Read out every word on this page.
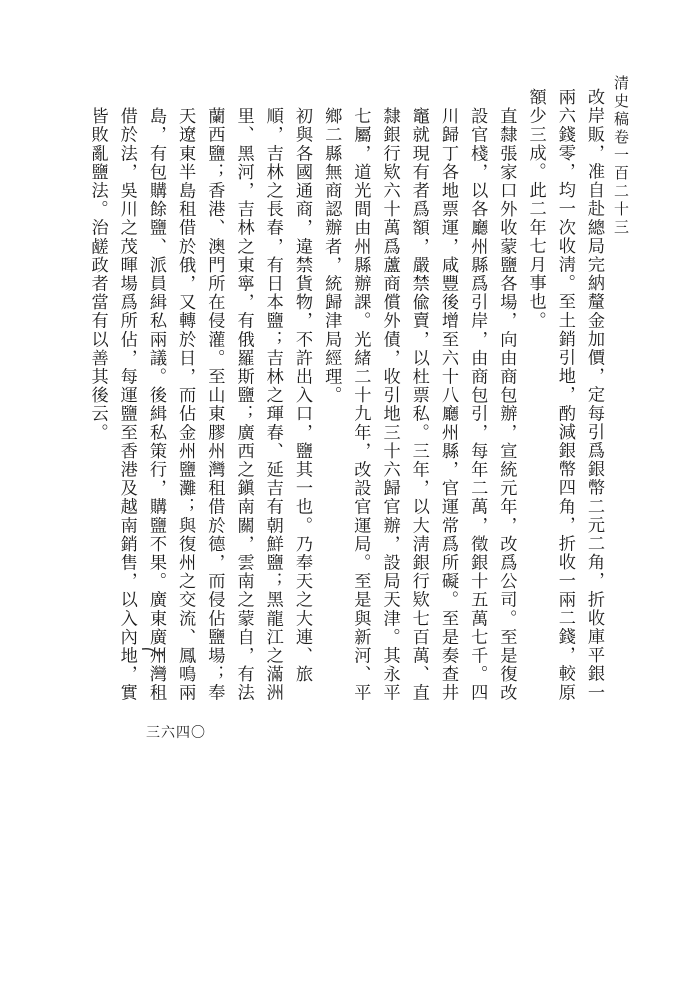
清史稿卷一百二十三

改岸販，准自赴總局完納釐金加價，定每引爲銀幣二元二角，折收庫平銀一兩六錢零，均一次收淸。至土銷引地，酌減銀幣四角，折收一兩二錢，較原額少三成。此二年七月事也。

直隸張家口外收蒙鹽各場，向由商包辦，宣統元年，改爲公司。至是復改設官棧，以各廳州縣爲引岸，由商包引，每年二萬，徵銀十五萬七千。四川歸丁各地票運，咸豐後增至六十八廳州縣，官運常爲所礙。至是奏查井竈就現有者爲額，嚴禁偸賣，以杜票私。三年，以大淸銀行欵七百萬、直隸銀行欵六十萬爲蘆商償外債，收引地三十六歸官辦，設局天津。其永平七屬，道光間由州縣辦課。光緒二十九年，改設官運局。至是與新河、平鄉二縣無商認辦者，統歸津局經理。

初與各國通商，違禁貨物，不許出入口，鹽其一也。乃奉天之大連、旅順，吉林之長春，有日本鹽；吉林之琿春、延吉有朝鮮鹽；黑龍江之滿洲里、黑河，吉林之東寧，有俄羅斯鹽；廣西之鎭南關，雲南之蒙自，有法蘭西鹽；香港、澳門所在侵灌。至山東膠州灣租借於德，而侵佔鹽場；奉天遼東半島租借於俄，又轉於日，而佔金州鹽灘；與復州之交流、鳳鳴兩島，有包購餘鹽、派員緝私兩議。後緝私策行，購鹽不果。廣東廣州灣租借於法，吳川之茂暉場爲所佔，每運鹽至香港及越南銷售，以入內地，實皆敗亂鹽法。治鹾政者當有以善其後云。

三六四〇
